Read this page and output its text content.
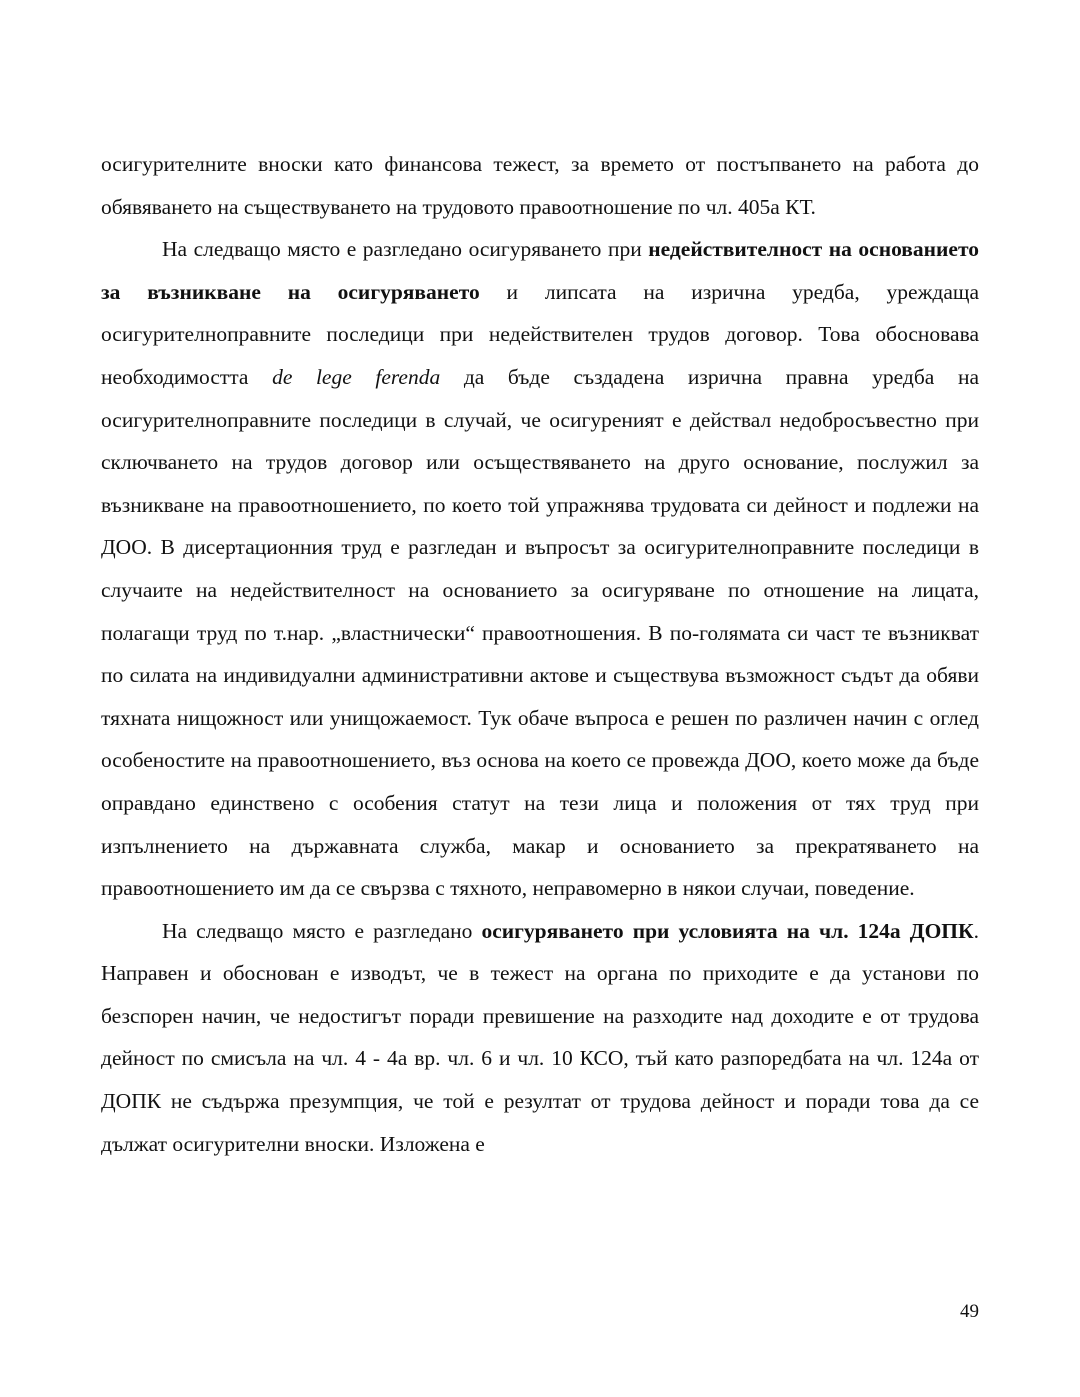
осигурителните вноски като финансова тежест, за времето от постъпването на работа до обявяването на съществуването на трудовото правоотношение по чл. 405а КТ.

На следващо място е разгледано осигуряването при недействителност на основанието за възникване на осигуряването и липсата на изрична уредба, уреждаща осигурителноправните последици при недействителен трудов договор. Това обосновава необходимостта de lege ferenda да бъде създадена изрична правна уредба на осигурителноправните последици в случай, че осигуреният е действал недобросъвестно при сключването на трудов договор или осъществяването на друго основание, послужил за възникване на правоотношението, по което той упражнява трудовата си дейност и подлежи на ДОО. В дисертационния труд е разгледан и въпросът за осигурителноправните последици в случаите на недействителност на основанието за осигуряване по отношение на лицата, полагащи труд по т.нар. „властнически“ правоотношения. В по-голямата си част те възникват по силата на индивидуални административни актове и съществува възможност съдът да обяви тяхната нищожност или унищожаемост. Тук обаче въпроса е решен по различен начин с оглед особеностите на правоотношението, въз основа на което се провежда ДОО, което може да бъде оправдано единствено с особения статут на тези лица и положения от тях труд при изпълнението на държавната служба, макар и основанието за прекратяването на правоотношението им да се свързва с тяхното, неправомерно в някои случаи, поведение.

На следващо място е разгледано осигуряването при условията на чл. 124а ДОПК. Направен и обоснован е изводът, че в тежест на органа по приходите е да установи по безспорен начин, че недостигът поради превишение на разходите над доходите е от трудова дейност по смисъла на чл. 4 - 4а вр. чл. 6 и чл. 10 КСО, тъй като разпоредбата на чл. 124а от ДОПК не съдържа презумпция, че той е резултат от трудова дейност и поради това да се дължат осигурителни вноски. Изложена е

49
